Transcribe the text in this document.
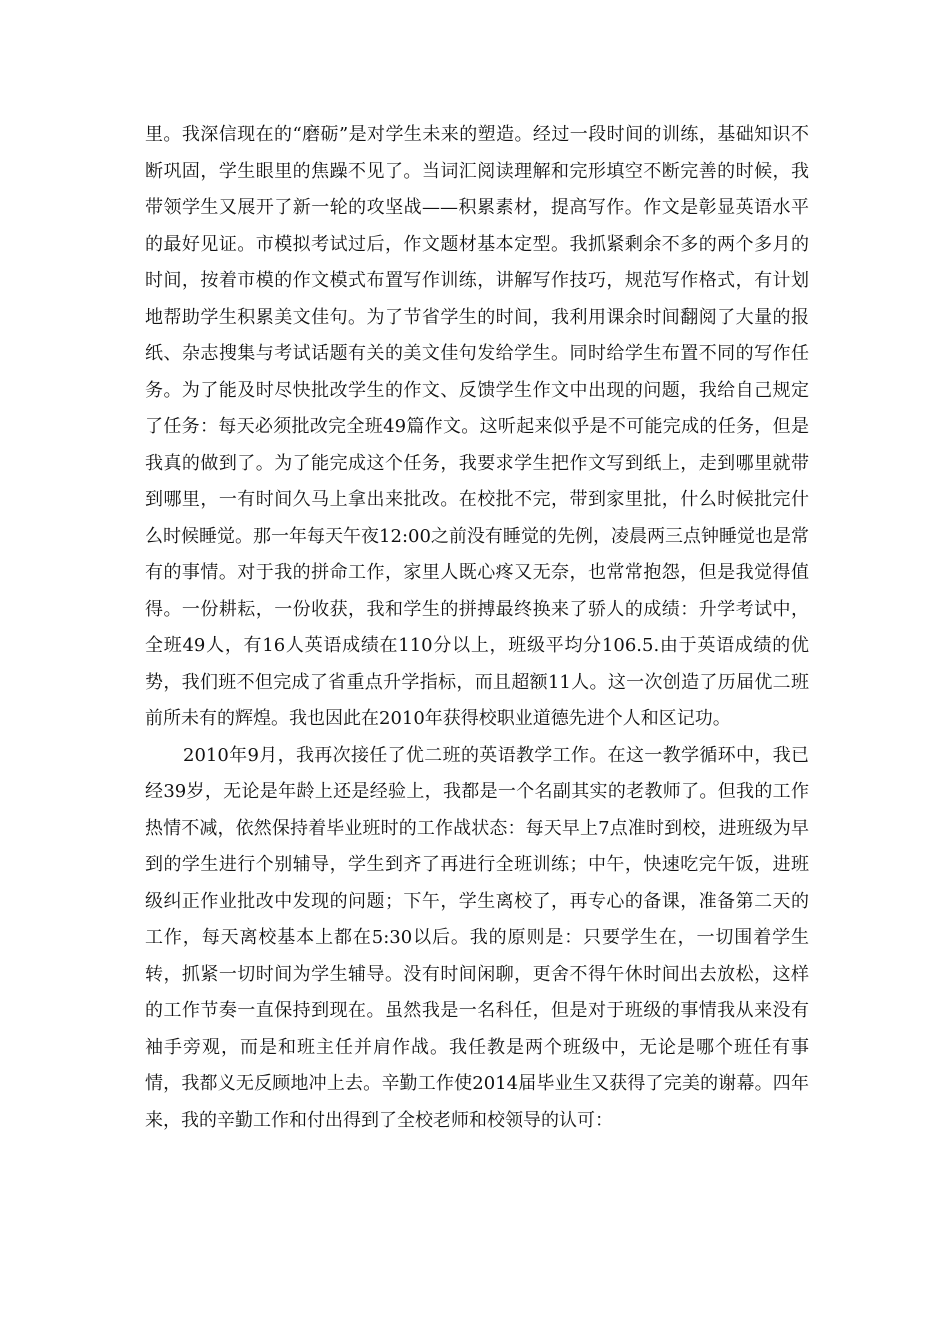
里。我深信现在的“磨砺”是对学生未来的塑造。经过一段时间的训练，基础知识不断巩固，学生眼里的焦躁不见了。当词汇阅读理解和完形填空不断完善的时候，我带领学生又展开了新一轮的攻坚战——积累素材，提高写作。作文是彰显英语水平的最好见证。市模拟考试过后，作文题材基本定型。我抓紧剩余不多的两个多月的时间，按着市模的作文模式布置写作训练，讲解写作技巧，规范写作格式，有计划地帮助学生积累美文佳句。为了节省学生的时间，我利用课余时间翻阅了大量的报纸、杂志搜集与考试话题有关的美文佳句发给学生。同时给学生布置不同的写作任务。为了能及时尽快批改学生的作文、反馈学生作文中出现的问题，我给自己规定了任务：每天必须批改完全班49篇作文。这听起来似乎是不可能完成的任务，但是我真的做到了。为了能完成这个任务，我要求学生把作文写到纸上，走到哪里就带到哪里，一有时间久马上拿出来批改。在校批不完，带到家里批，什么时候批完什么时候睡觉。那一年每天午夜12:00之前没有睡觉的先例，凌晨两三点钟睡觉也是常有的事情。对于我的拼命工作，家里人既心疼又无奈，也常常抱怨，但是我觉得值得。一份耕耘，一份收获，我和学生的拼搏最终换来了骄人的成绩：升学考试中，全班49人，有16人英语成绩在110分以上，班级平均分106.5.由于英语成绩的优势，我们班不但完成了省重点升学指标，而且超额11人。这一次创造了历届优二班前所未有的辉煌。我也因此在2010年获得校职业道德先进个人和区记功。

2010年9月，我再次接任了优二班的英语教学工作。在这一教学循环中，我已经39岁，无论是年龄上还是经验上，我都是一个名副其实的老教师了。但我的工作热情不减，依然保持着毕业班时的工作战状态：每天早上7点准时到校，进班级为早到的学生进行个别辅导，学生到齐了再进行全班训练；中午，快速吃完午饭，进班级纠正作业批改中发现的问题；下午，学生离校了，再专心的备课，准备第二天的工作，每天离校基本上都在5:30以后。我的原则是：只要学生在，一切围着学生转，抓紧一切时间为学生辅导。没有时间闲聊，更舍不得午休时间出去放松，这样的工作节奏一直保持到现在。虽然我是一名科任，但是对于班级的事情我从来没有袖手旁观，而是和班主任并肩作战。我任教是两个班级中，无论是哪个班任有事情，我都义无反顾地冲上去。辛勤工作使2014届毕业生又获得了完美的谢幕。四年来，我的辛勤工作和付出得到了全校老师和校领导的认可：
